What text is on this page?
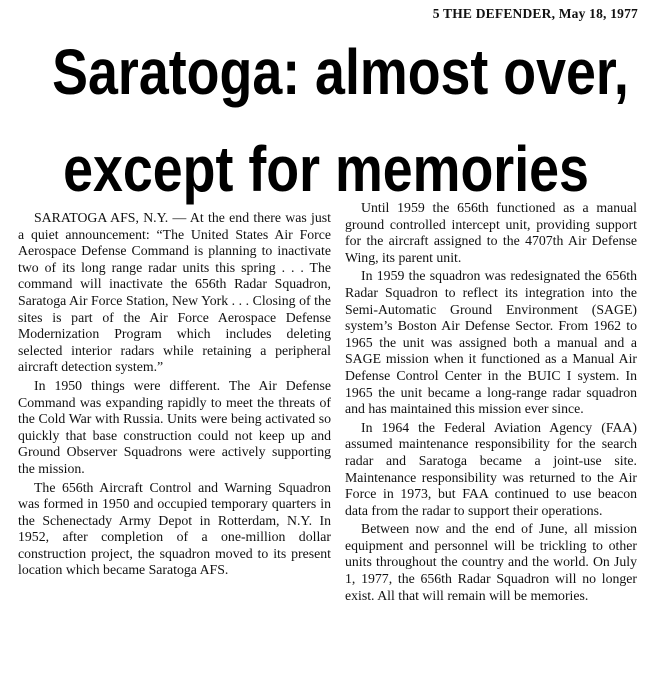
5 THE DEFENDER, May 18, 1977
Saratoga: almost over,
except for memories

SARATOGA AFS, N.Y. — At the end there was just a quiet announcement: “The United States Air Force Aerospace Defense Command is planning to inactivate two of its long range radar units this spring . . . The command will inactivate the 656th Radar Squadron, Saratoga Air Force Station, New York . . . Closing of the sites is part of the Air Force Aerospace Defense Modernization Program which includes deleting selected interior radars while retaining a peripheral aircraft detection system.”

In 1950 things were different. The Air Defense Command was expanding rapidly to meet the threats of the Cold War with Russia. Units were being activated so quickly that base construction could not keep up and Ground Observer Squadrons were actively supporting the mission.

The 656th Aircraft Control and Warning Squadron was formed in 1950 and occupied temporary quarters in the Schenectady Army Depot in Rotterdam, N.Y. In 1952, after completion of a one-million dollar construction project, the squadron moved to its present location which became Saratoga AFS.

Until 1959 the 656th functioned as a manual ground controlled intercept unit, providing support for the aircraft assigned to the 4707th Air Defense Wing, its parent unit.

In 1959 the squadron was redesignated the 656th Radar Squadron to reflect its integration into the Semi-Automatic Ground Environment (SAGE) system’s Boston Air Defense Sector. From 1962 to 1965 the unit was assigned both a manual and a SAGE mission when it functioned as a Manual Air Defense Control Center in the BUIC I system. In 1965 the unit became a long-range radar squadron and has maintained this mission ever since.

In 1964 the Federal Aviation Agency (FAA) assumed maintenance responsibility for the search radar and Saratoga became a joint-use site. Maintenance responsibility was returned to the Air Force in 1973, but FAA continued to use beacon data from the radar to support their operations.

Between now and the end of June, all mission equipment and personnel will be trickling to other units throughout the country and the world. On July 1, 1977, the 656th Radar Squadron will no longer exist. All that will remain will be memories.
